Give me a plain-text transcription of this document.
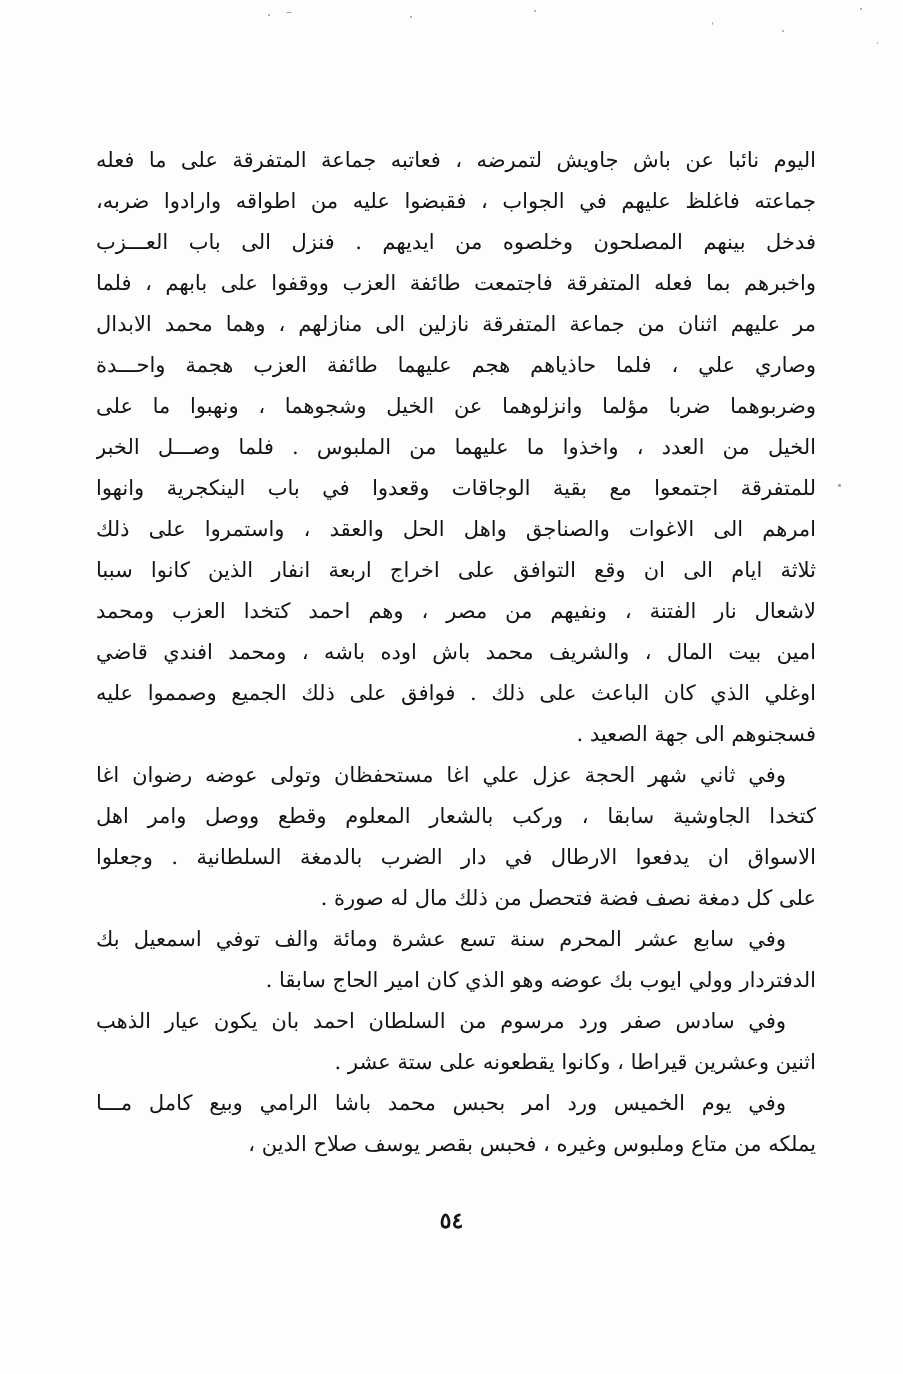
اليوم نائبا عن باش جاويش لتمرضه ، فعاتبه جماعة المتفرقة على ما فعله
جماعته فاغلظ عليهم في الجواب ، فقبضوا عليه من اطواقه وارادوا ضربه،
فدخل بينهم المصلحون وخلصوه من ايديهم . فنزل الى باب العـــزب
واخبرهم بما فعله المتفرقة فاجتمعت طائفة العزب ووقفوا على بابهم ، فلما
مر عليهم اثنان من جماعة المتفرقة نازلين الى منازلهم ، وهما محمد الابدال
وصاري علي ، فلما حاذياهم هجم عليهما طائفة العزب هجمة واحـــدة
وضربوهما ضربا مؤلما وانزلوهما عن الخيل وشجوهما ، ونهبوا ما على
الخيل من العدد ، واخذوا ما عليهما من الملبوس . فلما وصـــل الخبر
للمتفرقة اجتمعوا مع بقية الوجاقات وقعدوا في باب الينكجرية وانهوا
امرهم الى الاغوات والصناجق واهل الحل والعقد ، واستمروا على ذلك
ثلاثة ايام الى ان وقع التوافق على اخراج اربعة انفار الذين كانوا سببا
لاشعال نار الفتنة ، ونفيهم من مصر ، وهم احمد كتخدا العزب ومحمد
امين بيت المال ، والشريف محمد باش اوده باشه ، ومحمد افندي قاضي
اوغلي الذي كان الباعث على ذلك . فوافق على ذلك الجميع وصمموا عليه
فسجنوهم الى جهة الصعيد .
وفي ثاني شهر الحجة عزل علي اغا مستحفظان وتولى عوضه رضوان اغا
كتخدا الجاوشية سابقا ، وركب بالشعار المعلوم وقطع ووصل وامر اهل
الاسواق ان يدفعوا الارطال في دار الضرب بالدمغة السلطانية . وجعلوا
على كل دمغة نصف فضة فتحصل من ذلك مال له صورة .
وفي سابع عشر المحرم سنة تسع عشرة ومائة والف توفي اسمعيل بك
الدفتردار وولي ايوب بك عوضه وهو الذي كان امير الحاج سابقا .
وفي سادس صفر ورد مرسوم من السلطان احمد بان يكون عيار الذهب
اثنين وعشرين قيراطا ، وكانوا يقطعونه على ستة عشر .
وفي يوم الخميس ورد امر بحبس محمد باشا الرامي وبيع كامل مـــا
يملكه من متاع وملبوس وغيره ، فحبس بقصر يوسف صلاح الدين ،
٥٤
